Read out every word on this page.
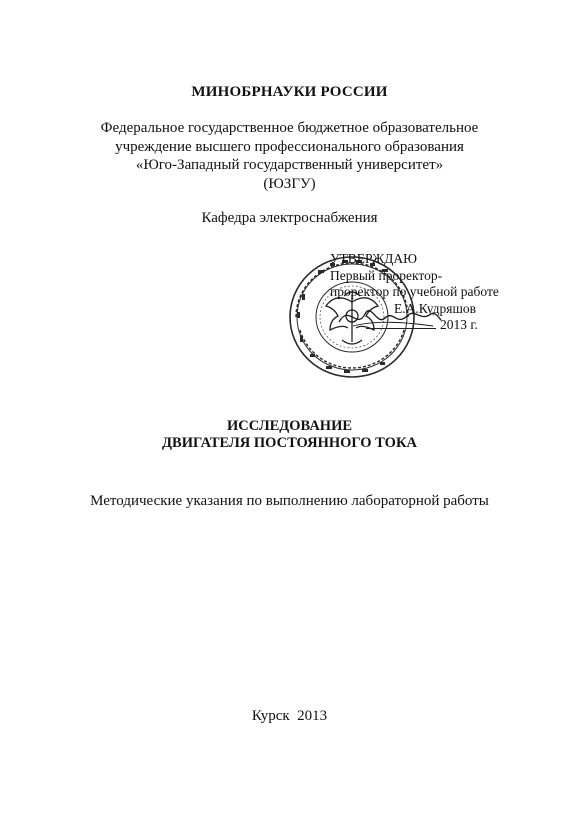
МИНОБРНАУКИ РОССИИ
Федеральное государственное бюджетное образовательное
учреждение высшего профессионального образования
«Юго-Западный государственный университет»
(ЮЗГУ)
Кафедра электроснабжения
УТВЕРЖДАЮ
Первый проректор-
проректор по учебной работе
Е.А.Кудряшов
2013 г.
ИССЛЕДОВАНИЕ
ДВИГАТЕЛЯ ПОСТОЯННОГО ТОКА
Методические указания по выполнению лабораторной работы
Курск 2013
